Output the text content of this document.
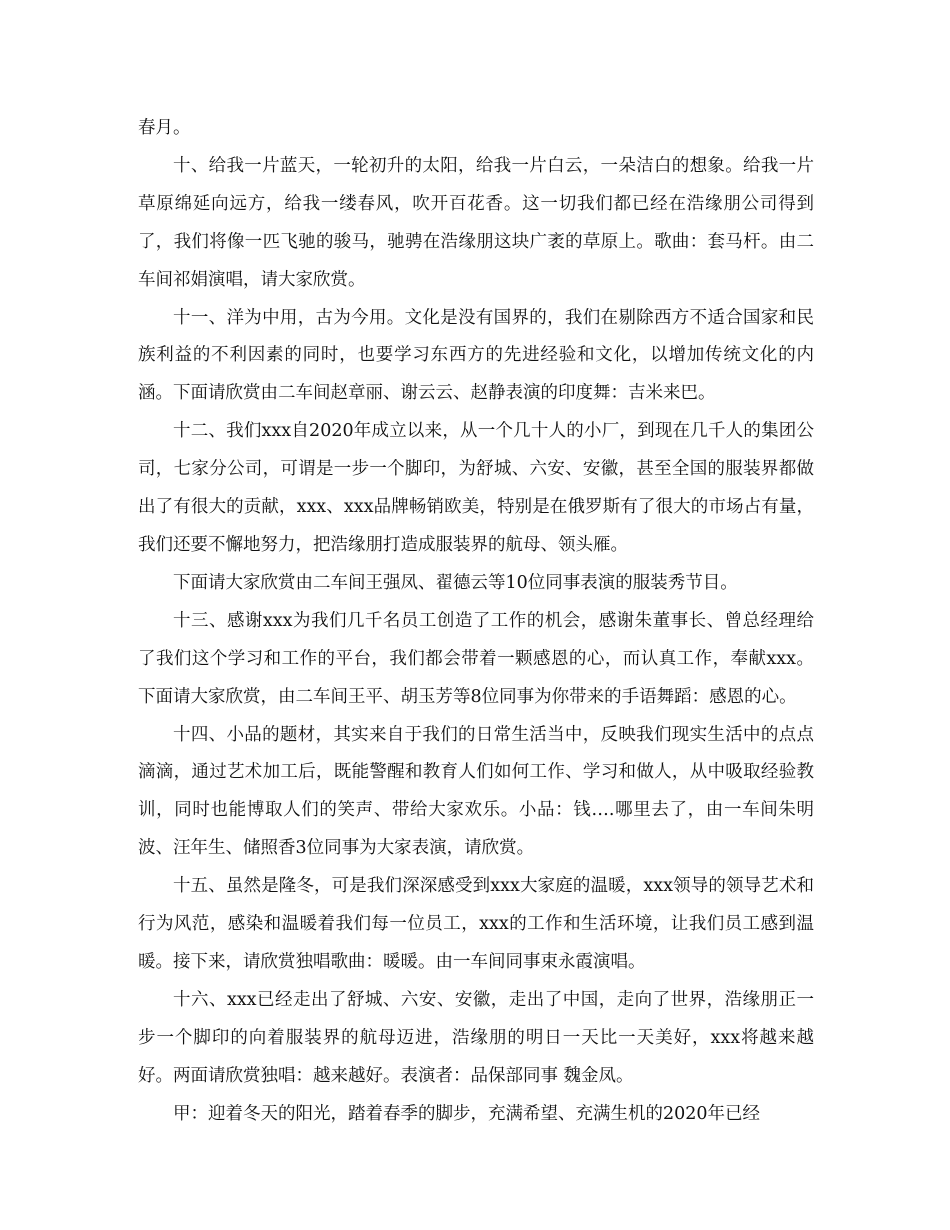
春月。

十、给我一片蓝天，一轮初升的太阳，给我一片白云，一朵洁白的想象。给我一片草原绵延向远方，给我一缕春风，吹开百花香。这一切我们都已经在浩缘朋公司得到了，我们将像一匹飞驰的骏马，驰骋在浩缘朋这块广袤的草原上。歌曲：套马杆。由二车间祁娟演唱，请大家欣赏。

十一、洋为中用，古为今用。文化是没有国界的，我们在剔除西方不适合国家和民族利益的不利因素的同时，也要学习东西方的先进经验和文化，以增加传统文化的内涵。下面请欣赏由二车间赵章丽、谢云云、赵静表演的印度舞：吉米来巴。

十二、我们xxx自2020年成立以来，从一个几十人的小厂，到现在几千人的集团公司，七家分公司，可谓是一步一个脚印，为舒城、六安、安徽，甚至全国的服装界都做出了有很大的贡献，xxx、xxx品牌畅销欧美，特别是在俄罗斯有了很大的市场占有量，我们还要不懈地努力，把浩缘朋打造成服装界的航母、领头雁。

下面请大家欣赏由二车间王强凤、翟德云等10位同事表演的服装秀节目。

十三、感谢xxx为我们几千名员工创造了工作的机会，感谢朱董事长、曾总经理给了我们这个学习和工作的平台，我们都会带着一颗感恩的心，而认真工作，奉献xxx。下面请大家欣赏，由二车间王平、胡玉芳等8位同事为你带来的手语舞蹈：感恩的心。

十四、小品的题材，其实来自于我们的日常生活当中，反映我们现实生活中的点点滴滴，通过艺术加工后，既能警醒和教育人们如何工作、学习和做人，从中吸取经验教训，同时也能博取人们的笑声、带给大家欢乐。小品：钱….哪里去了，由一车间朱明波、汪年生、储照香3位同事为大家表演，请欣赏。

十五、虽然是隆冬，可是我们深深感受到xxx大家庭的温暖，xxx领导的领导艺术和行为风范，感染和温暖着我们每一位员工，xxx的工作和生活环境，让我们员工感到温暖。接下来，请欣赏独唱歌曲：暖暖。由一车间同事束永霞演唱。

十六、xxx已经走出了舒城、六安、安徽，走出了中国，走向了世界，浩缘朋正一步一个脚印的向着服装界的航母迈进，浩缘朋的明日一天比一天美好，xxx将越来越好。两面请欣赏独唱：越来越好。表演者：品保部同事 魏金凤。

甲：迎着冬天的阳光，踏着春季的脚步，充满希望、充满生机的2020年已经
